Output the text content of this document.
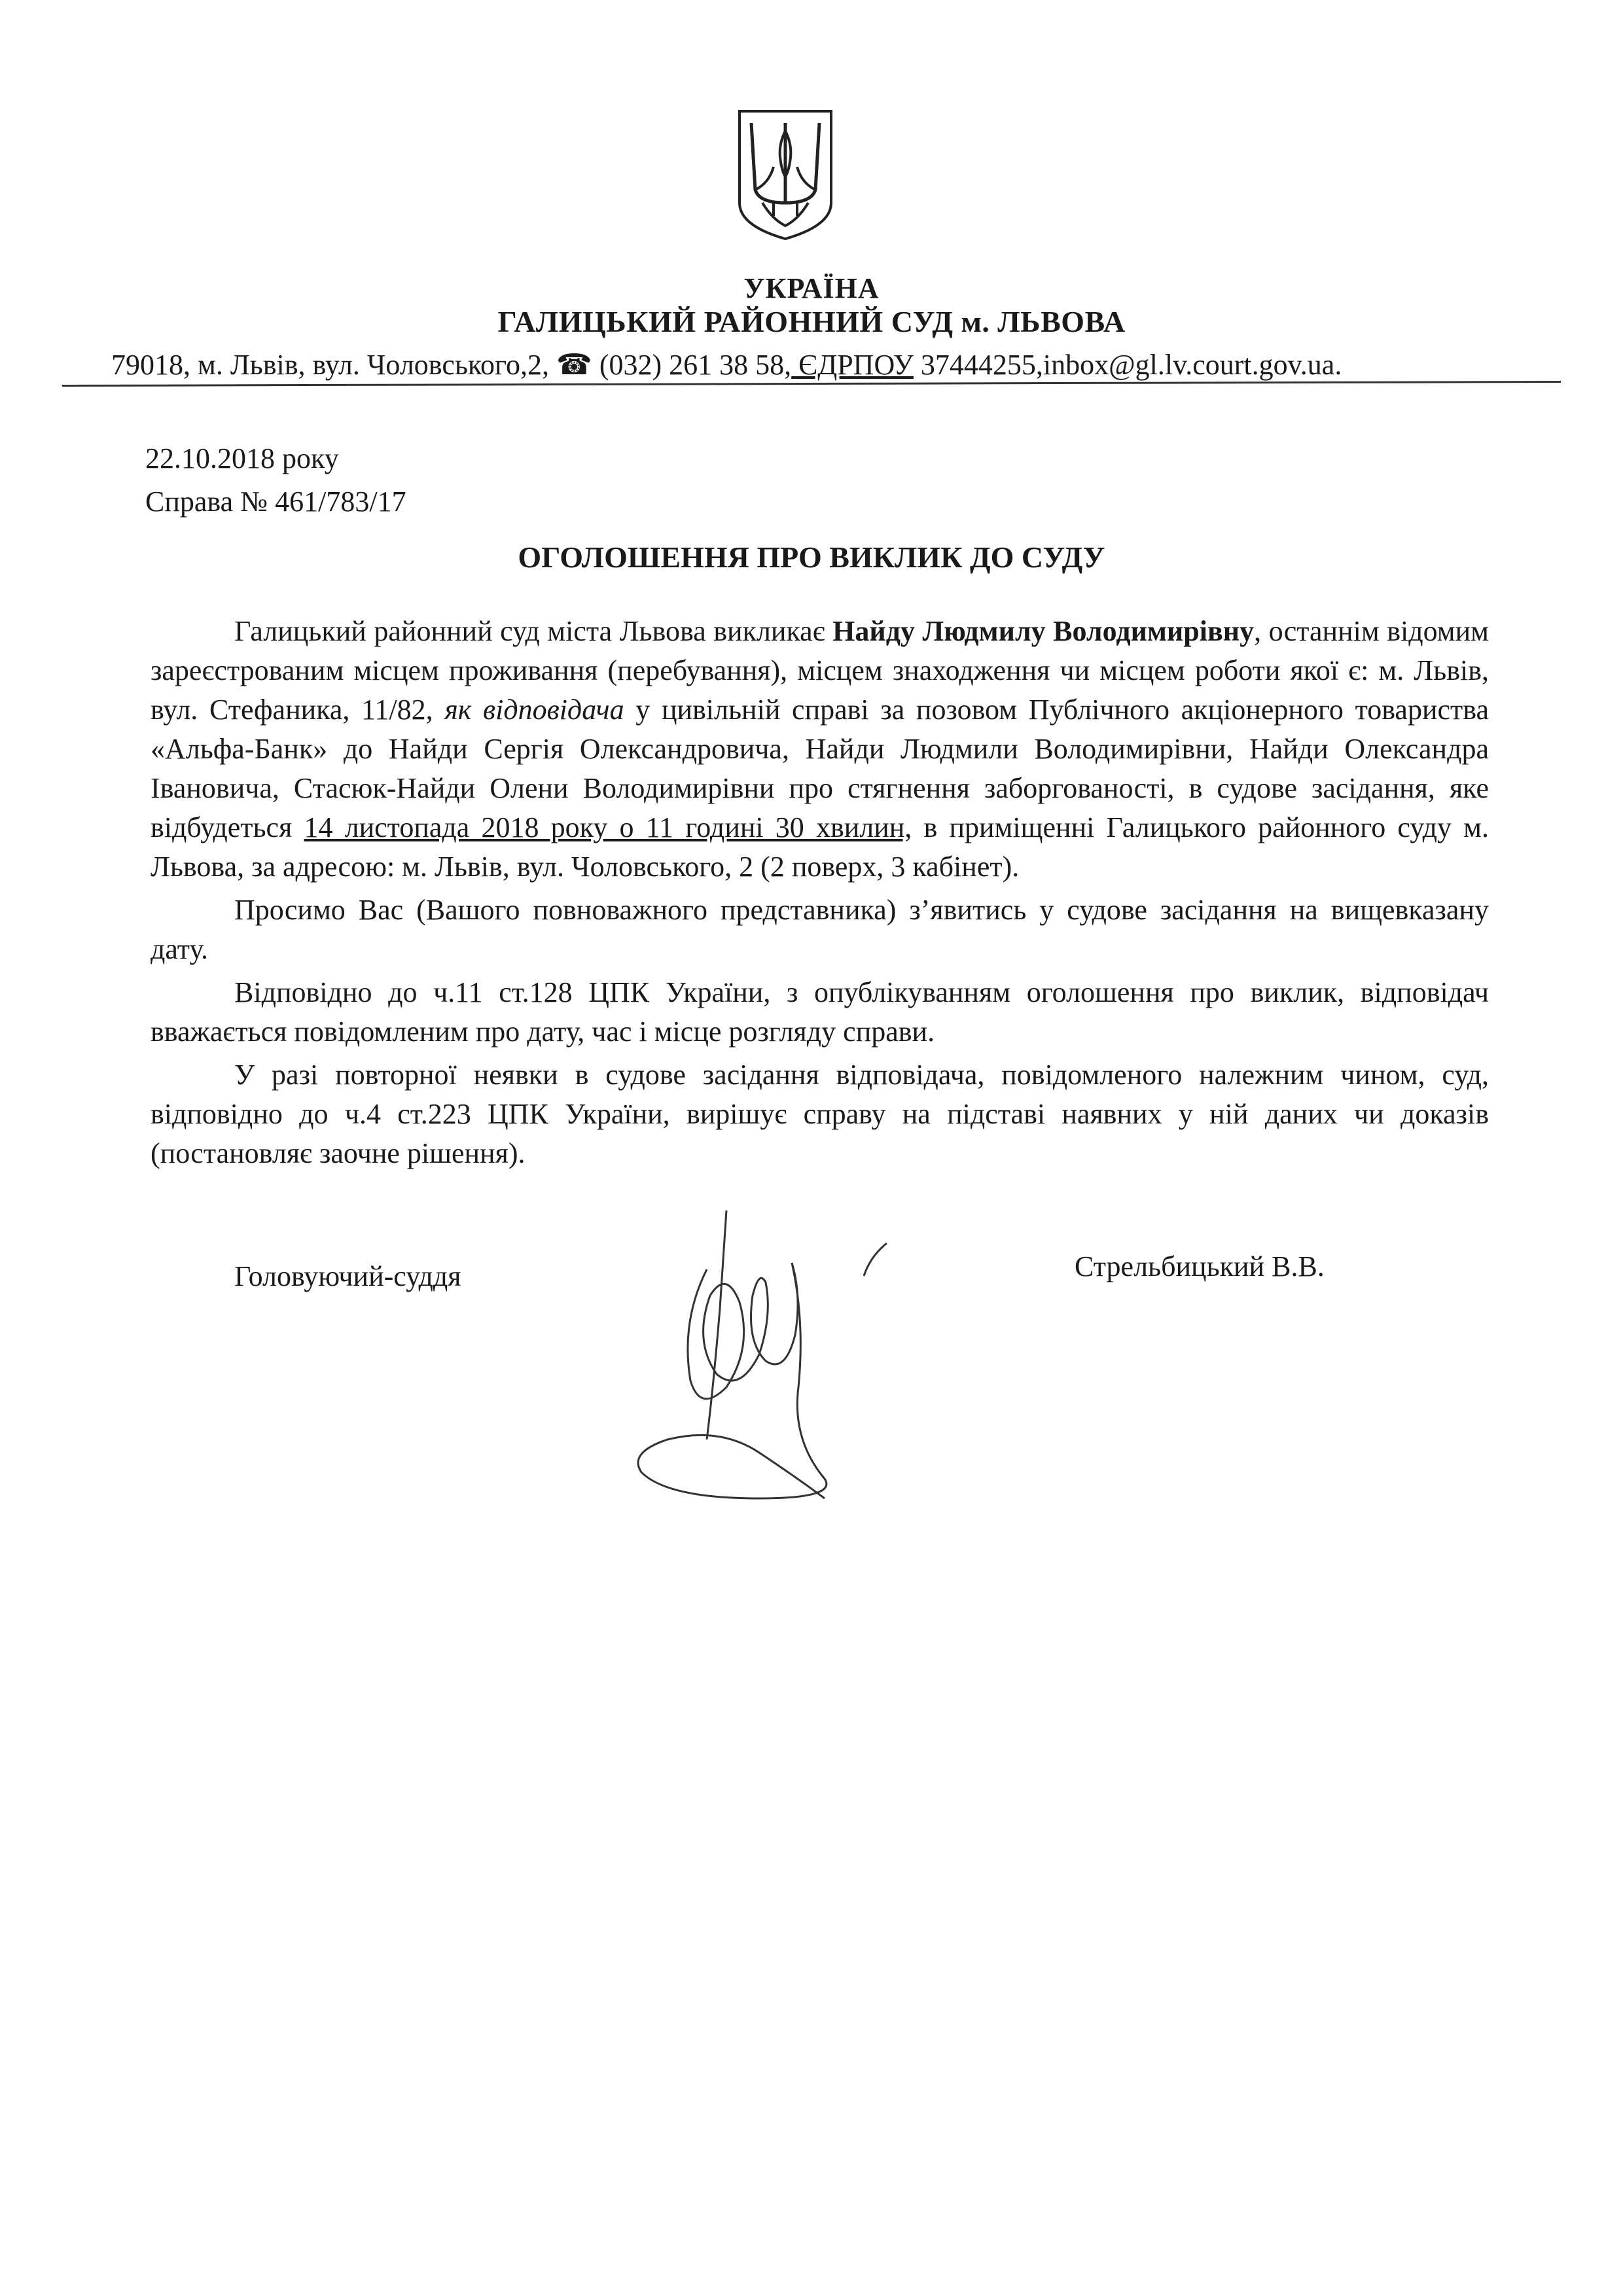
УКРАЇНА
ГАЛИЦЬКИЙ РАЙОННИЙ СУД м. ЛЬВОВА
79018, м. Львів, вул. Чоловського,2, ☎ (032) 261 38 58, ЄДРПОУ 37444255,inbox@gl.lv.court.gov.ua.
22.10.2018 року
Справа № 461/783/17
ОГОЛОШЕННЯ ПРО ВИКЛИК ДО СУДУ

Галицький районний суд міста Львова викликає Найду Людмилу Володимирівну, останнім відомим зареєстрованим місцем проживання (перебування), місцем знаходження чи місцем роботи якої є: м. Львів, вул. Стефаника, 11/82, як відповідача у цивільній справі за позовом Публічного акціонерного товариства «Альфа-Банк» до Найди Сергія Олександровича, Найди Людмили Володимирівни, Найди Олександра Івановича, Стасюк-Найди Олени Володимирівни про стягнення заборгованості, в судове засідання, яке відбудеться 14 листопада 2018 року о 11 годині 30 хвилин, в приміщенні Галицького районного суду м. Львова, за адресою: м. Львів, вул. Чоловського, 2 (2 поверх, 3 кабінет).

Просимо Вас (Вашого повноважного представника) з’явитись у судове засідання на вищевказану дату.

Відповідно до ч.11 ст.128 ЦПК України, з опублікуванням оголошення про виклик, відповідач вважається повідомленим про дату, час і місце розгляду справи.

У разі повторної неявки в судове засідання відповідача, повідомленого належним чином, суд, відповідно до ч.4 ст.223 ЦПК України, вирішує справу на підставі наявних у ній даних чи доказів (постановляє заочне рішення).

Головуючий-суддя	Стрельбицький В.В.
